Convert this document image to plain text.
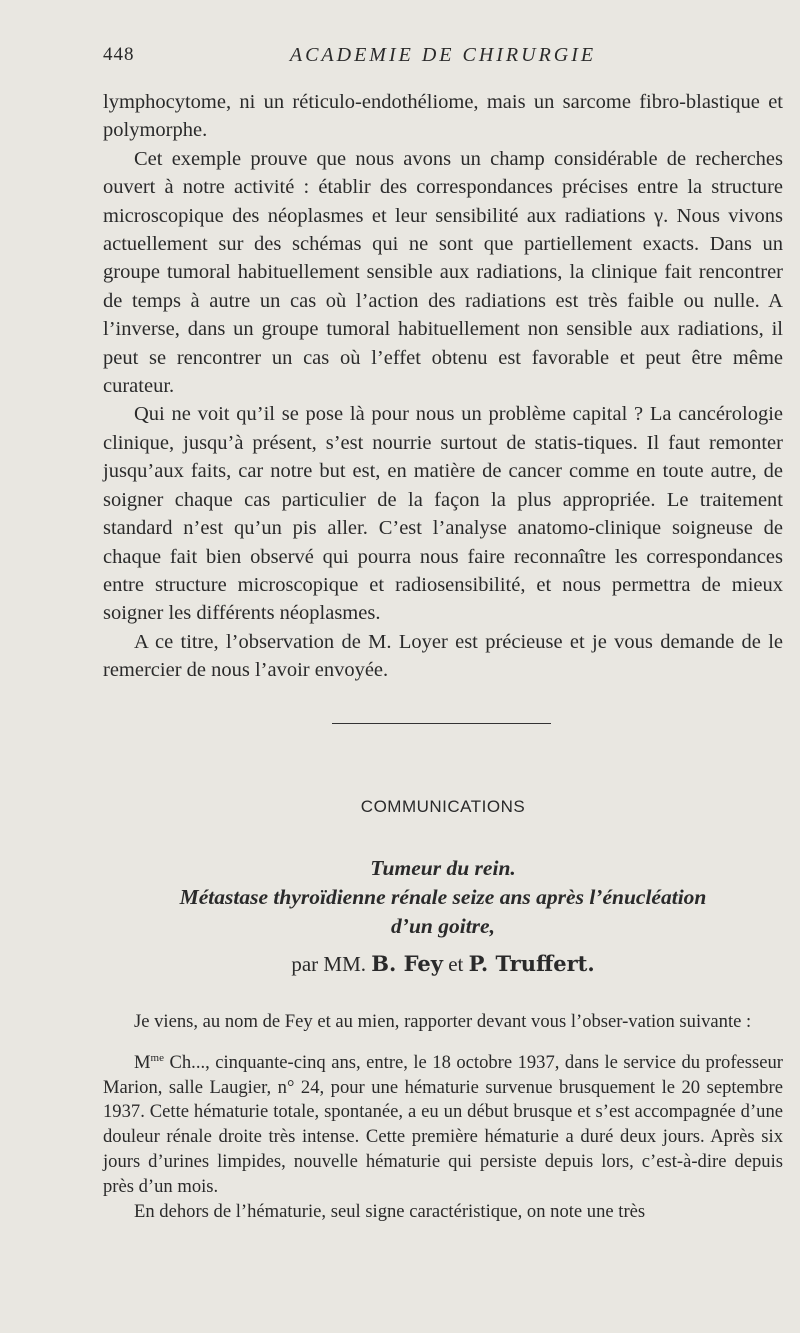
448	ACADEMIE DE CHIRURGIE

lymphocytome, ni un réticulo-endothéliome, mais un sarcome fibro-blastique et polymorphe.

Cet exemple prouve que nous avons un champ considérable de recherches ouvert à notre activité : établir des correspondances précises entre la structure microscopique des néoplasmes et leur sensibilité aux radiations γ. Nous vivons actuellement sur des schémas qui ne sont que partiellement exacts. Dans un groupe tumoral habituellement sensible aux radiations, la clinique fait rencontrer de temps à autre un cas où l’action des radiations est très faible ou nulle. A l’inverse, dans un groupe tumoral habituellement non sensible aux radiations, il peut se rencontrer un cas où l’effet obtenu est favorable et peut être même curateur.

Qui ne voit qu’il se pose là pour nous un problème capital ? La cancérologie clinique, jusqu’à présent, s’est nourrie surtout de statis-tiques. Il faut remonter jusqu’aux faits, car notre but est, en matière de cancer comme en toute autre, de soigner chaque cas particulier de la façon la plus appropriée. Le traitement standard n’est qu’un pis aller. C’est l’analyse anatomo-clinique soigneuse de chaque fait bien observé qui pourra nous faire reconnaître les correspondances entre structure microscopique et radiosensibilité, et nous permettra de mieux soigner les différents néoplasmes.

A ce titre, l’observation de M. Loyer est précieuse et je vous demande de le remercier de nous l’avoir envoyée.

COMMUNICATIONS
Tumeur du rein.
Métastase thyroïdienne rénale seize ans après l’énucléation
d’un goitre,
par MM. B. Fey et P. Truffert.

Je viens, au nom de Fey et au mien, rapporter devant vous l’obser-vation suivante :

$M^{me}$ Ch..., cinquante-cinq ans, entre, le 18 octobre 1937, dans le service du professeur Marion, salle Laugier, n° 24, pour une hématurie survenue brusquement le 20 septembre 1937. Cette hématurie totale, spontanée, a eu un début brusque et s’est accompagnée d’une douleur rénale droite très intense. Cette première hématurie a duré deux jours. Après six jours d’urines limpides, nouvelle hématurie qui persiste depuis lors, c’est-à-dire depuis près d’un mois.

En dehors de l’hématurie, seul signe caractéristique, on note une très
